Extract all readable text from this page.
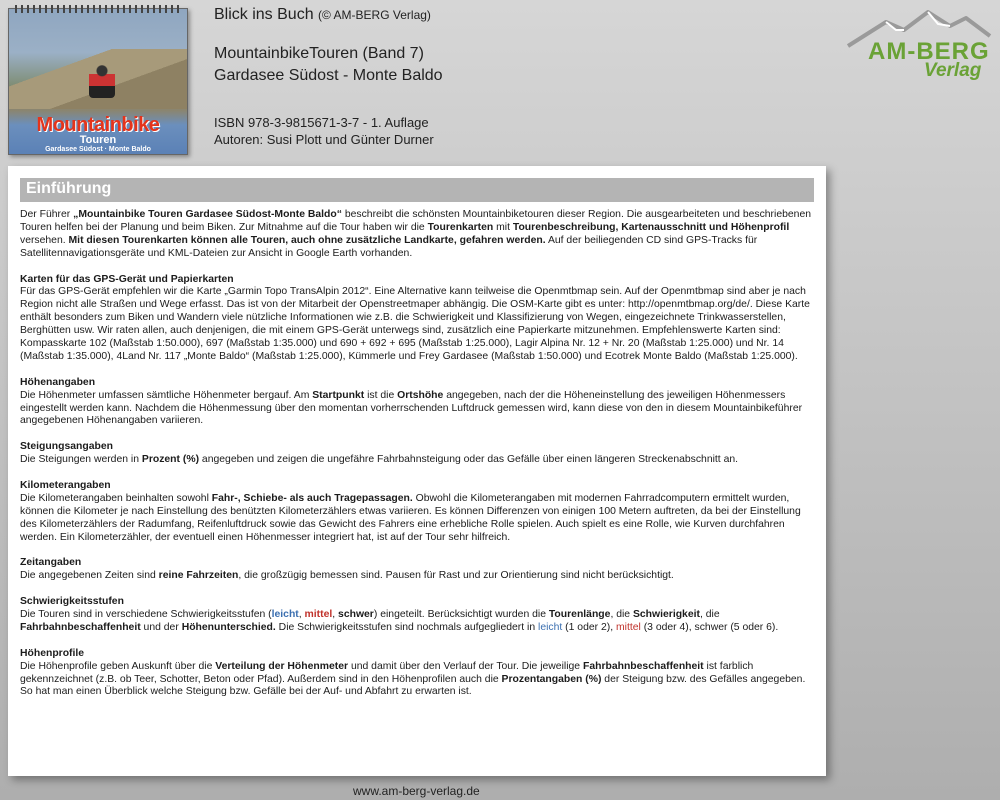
Mountainbike
Touren
Gardasee Südost · Monte Baldo
Blick ins Buch (© AM-BERG Verlag)
MountainbikeTouren (Band 7)
Gardasee Südost - Monte Baldo
ISBN 978-3-9815671-3-7 - 1. Auflage
Autoren: Susi Plott und Günter Durner
AM-BERG
Verlag
Einführung

Der Führer „Mountainbike Touren Gardasee Südost-Monte Baldo“ beschreibt die schönsten Mountainbiketouren dieser Region. Die ausgearbeiteten und beschriebenen Touren helfen bei der Planung und beim Biken. Zur Mitnahme auf die Tour haben wir die Tourenkarten mit Tourenbeschreibung, Kartenausschnitt und Höhenprofil versehen. Mit diesen Tourenkarten können alle Touren, auch ohne zusätzliche Landkarte, gefahren werden. Auf der beiliegenden CD sind GPS-Tracks für Satellitennavigationsgeräte und KML-Dateien zur Ansicht in Google Earth vorhanden.

Karten für das GPS-Gerät und Papierkarten

Für das GPS-Gerät empfehlen wir die Karte „Garmin Topo TransAlpin 2012“. Eine Alternative kann teilweise die Openmtbmap sein. Auf der Openmtbmap sind aber je nach Region nicht alle Straßen und Wege erfasst. Das ist von der Mitarbeit der Openstreetmaper abhängig. Die OSM-Karte gibt es unter: http://openmtbmap.org/de/. Diese Karte enthält besonders zum Biken und Wandern viele nützliche Informationen wie z.B. die Schwierigkeit und Klassifizierung von Wegen, eingezeichnete Trinkwasserstellen, Berghütten usw. Wir raten allen, auch denjenigen, die mit einem GPS-Gerät unterwegs sind, zusätzlich eine Papierkarte mitzunehmen. Empfehlenswerte Karten sind: Kompasskarte 102 (Maßstab 1:50.000), 697 (Maßstab 1:35.000) und 690 + 692 + 695 (Maßstab 1:25.000), Lagir Alpina Nr. 12 + Nr. 20 (Maßstab 1:25.000) und Nr. 14 (Maßstab 1:35.000), 4Land Nr. 117 „Monte Baldo“ (Maßstab 1:25.000), Kümmerle und Frey Gardasee (Maßstab 1:50.000) und Ecotrek Monte Baldo (Maßstab 1:25.000).

Höhenangaben

Die Höhenmeter umfassen sämtliche Höhenmeter bergauf. Am Startpunkt ist die Ortshöhe angegeben, nach der die Höheneinstellung des jeweiligen Höhenmessers eingestellt werden kann. Nachdem die Höhenmessung über den momentan vorherrschenden Luftdruck gemessen wird, kann diese von den in diesem Mountainbikeführer angegebenen Höhenangaben variieren.

Steigungsangaben

Die Steigungen werden in Prozent (%) angegeben und zeigen die ungefähre Fahrbahnsteigung oder das Gefälle über einen längeren Streckenabschnitt an.

Kilometerangaben

Die Kilometerangaben beinhalten sowohl Fahr-, Schiebe- als auch Tragepassagen. Obwohl die Kilometerangaben mit modernen Fahrradcomputern ermittelt wurden, können die Kilometer je nach Einstellung des benützten Kilometerzählers etwas variieren. Es können Differenzen von einigen 100 Metern auftreten, da bei der Einstellung des Kilometerzählers der Radumfang, Reifenluftdruck sowie das Gewicht des Fahrers eine erhebliche Rolle spielen. Auch spielt es eine Rolle, wie Kurven durchfahren werden. Ein Kilometerzähler, der eventuell einen Höhenmesser integriert hat, ist auf der Tour sehr hilfreich.

Zeitangaben

Die angegebenen Zeiten sind reine Fahrzeiten, die großzügig bemessen sind. Pausen für Rast und zur Orientierung sind nicht berücksichtigt.

Schwierigkeitsstufen

Die Touren sind in verschiedene Schwierigkeitsstufen (leicht, mittel, schwer) eingeteilt. Berücksichtigt wurden die Tourenlänge, die Schwierigkeit, die Fahrbahnbeschaffenheit und der Höhenunterschied. Die Schwierigkeitsstufen sind nochmals aufgegliedert in leicht (1 oder 2), mittel (3 oder 4), schwer (5 oder 6).

Höhenprofile

Die Höhenprofile geben Auskunft über die Verteilung der Höhenmeter und damit über den Verlauf der Tour. Die jeweilige Fahrbahnbeschaffenheit ist farblich gekennzeichnet (z.B. ob Teer, Schotter, Beton oder Pfad). Außerdem sind in den Höhenprofilen auch die Prozentangaben (%) der Steigung bzw. des Gefälles angegeben. So hat man einen Überblick welche Steigung bzw. Gefälle bei der Auf- und Abfahrt zu erwarten ist.

www.am-berg-verlag.de
